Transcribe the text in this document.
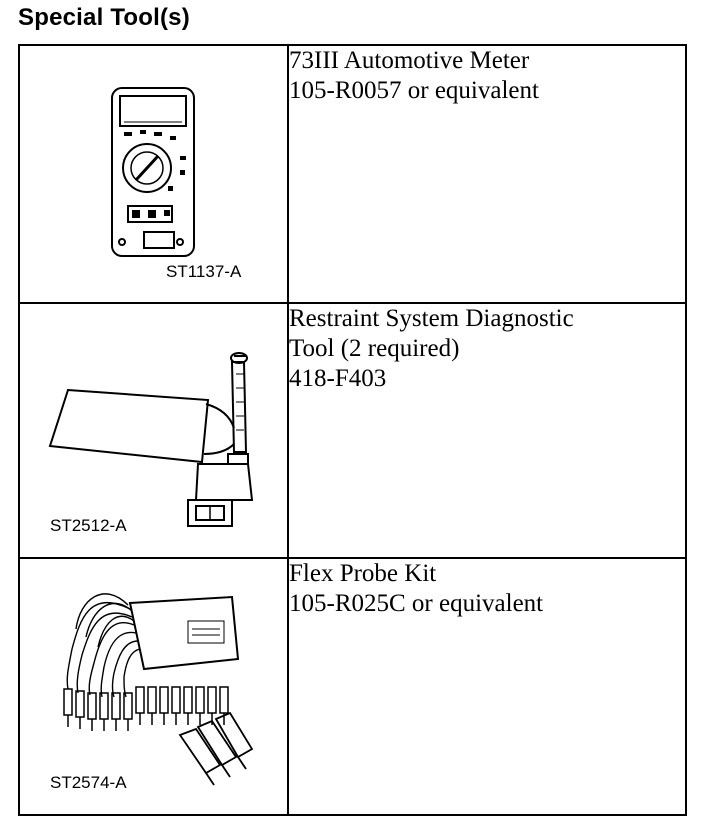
Special Tool(s)
ST1137-A	73III Automotive Meter
105-R0057 or equivalent

ST2512-A	Restraint System Diagnostic
Tool (2 required)
418-F403

ST2574-A	Flex Probe Kit
105-R025C or equivalent
